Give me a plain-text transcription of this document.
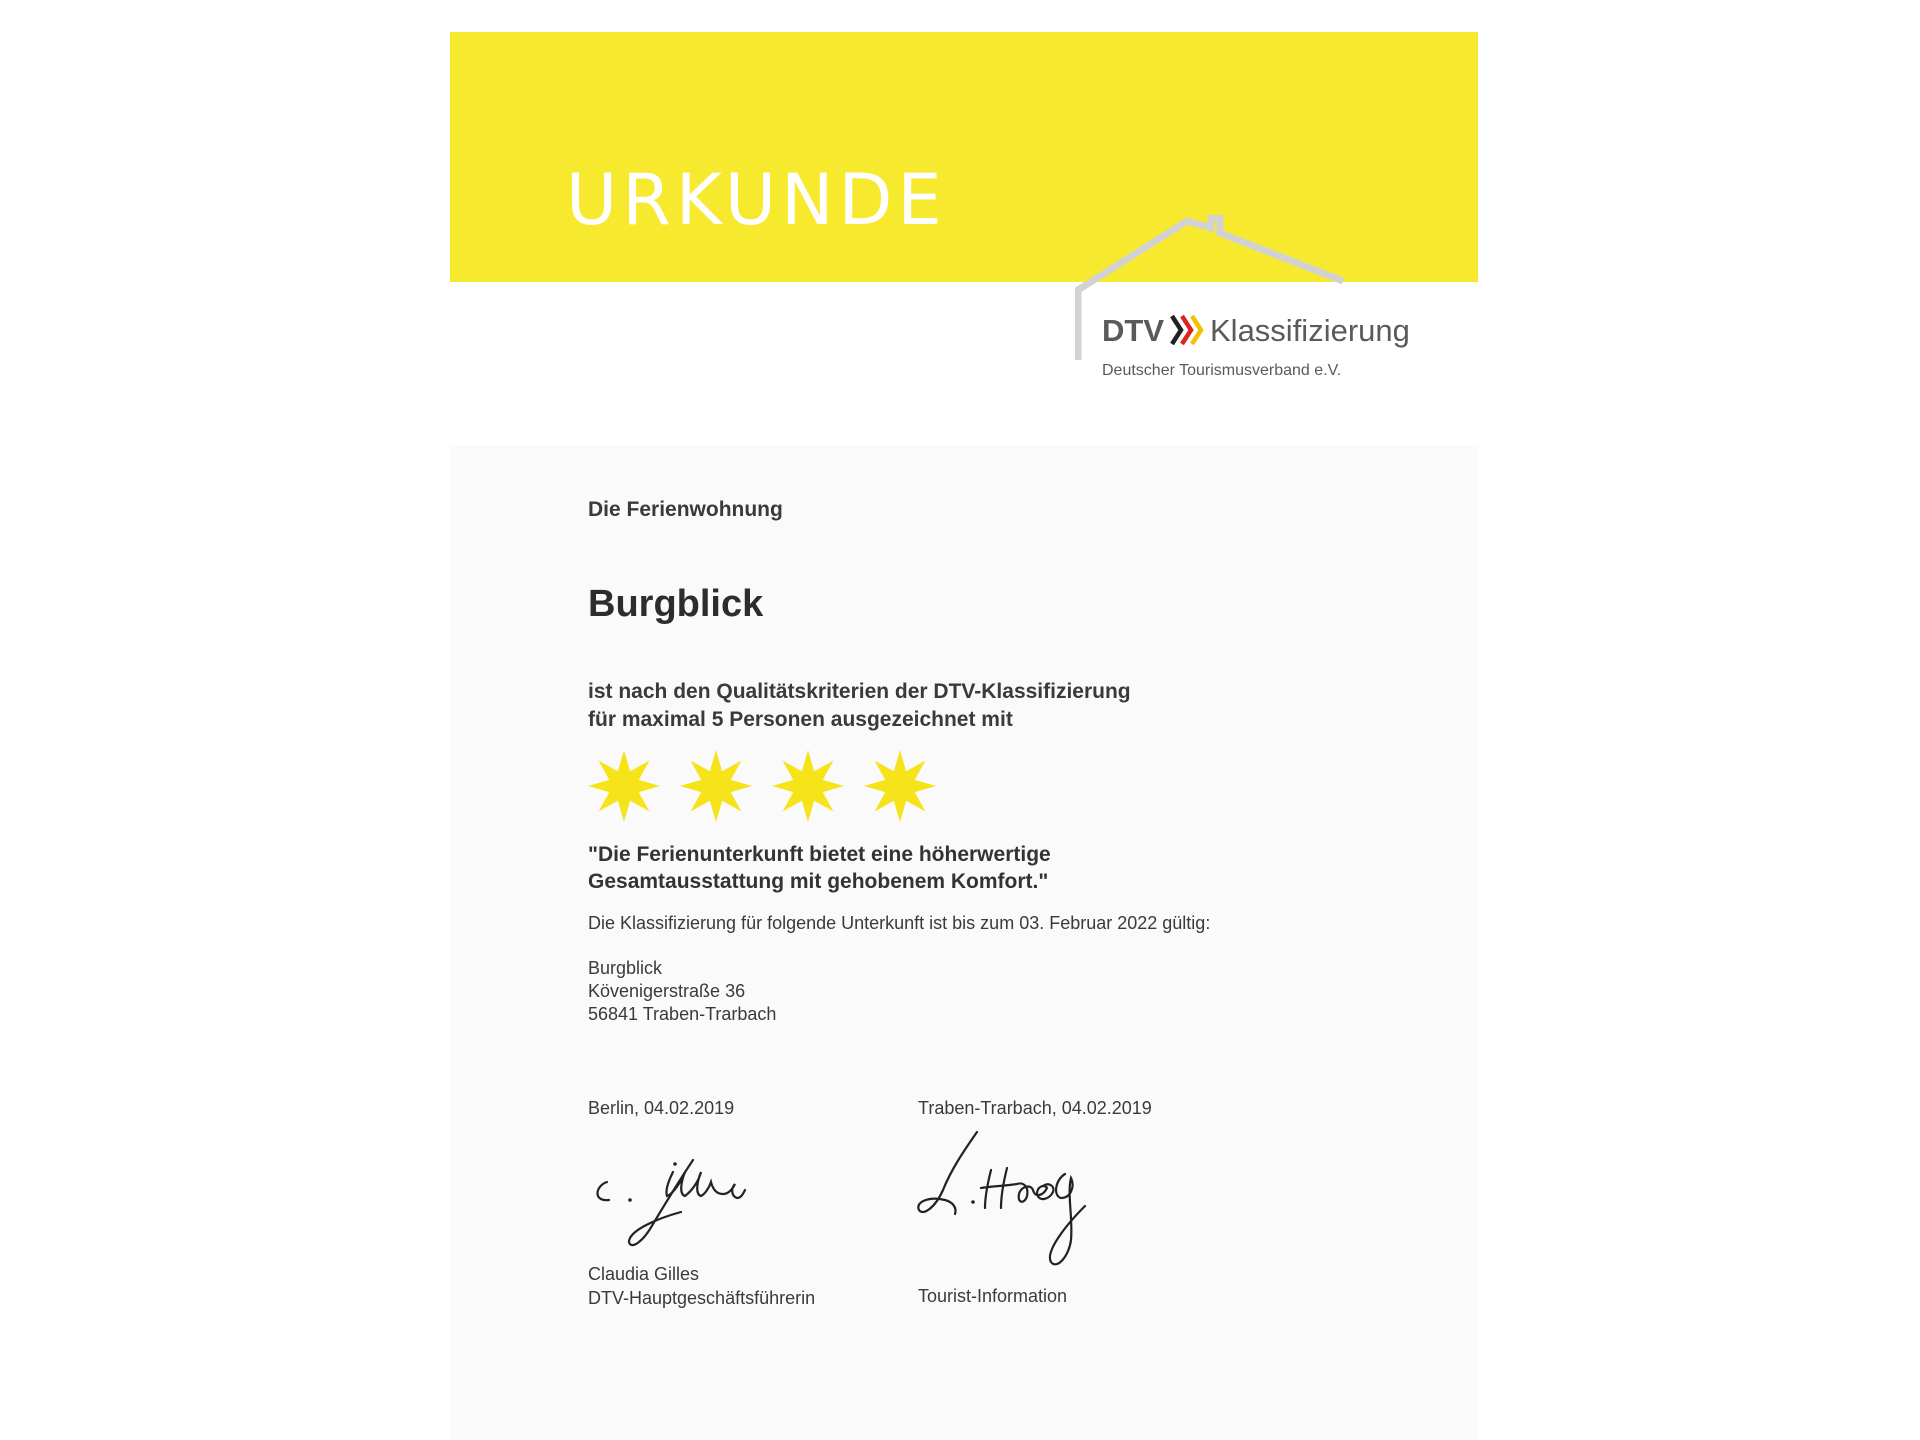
URKUNDE
DTV Klassifizierung
Deutscher Tourismusverband e.V.
Die Ferienwohnung
Burgblick
ist nach den Qualitätskriterien der DTV-Klassifizierung
für maximal 5 Personen ausgezeichnet mit
"Die Ferienunterkunft bietet eine höherwertige
Gesamtausstattung mit gehobenem Komfort."
Die Klassifizierung für folgende Unterkunft ist bis zum 03. Februar 2022 gültig:
Burgblick
Kövenigerstraße 36
56841 Traben-Trarbach
Berlin, 04.02.2019	Traben-Trarbach, 04.02.2019
Claudia Gilles
DTV-Hauptgeschäftsführerin	Tourist-Information
